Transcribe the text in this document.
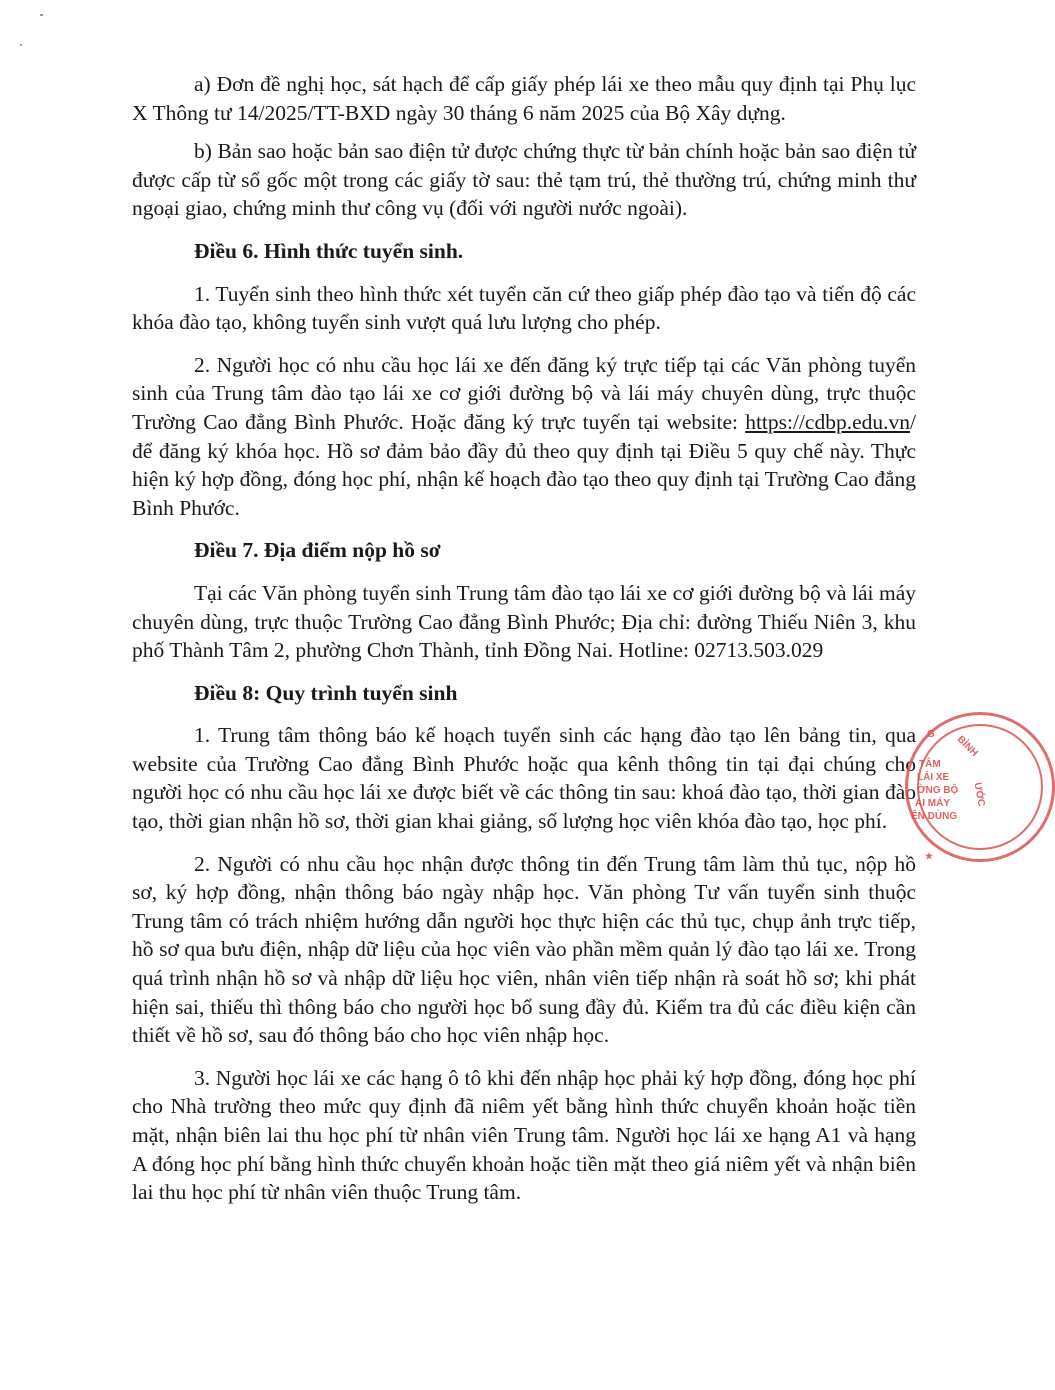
a) Đơn đề nghị học, sát hạch để cấp giấy phép lái xe theo mẫu quy định tại Phụ lục X Thông tư 14/2025/TT-BXD ngày 30 tháng 6 năm 2025 của Bộ Xây dựng.

b) Bản sao hoặc bản sao điện tử được chứng thực từ bản chính hoặc bản sao điện tử được cấp từ sổ gốc một trong các giấy tờ sau: thẻ tạm trú, thẻ thường trú, chứng minh thư ngoại giao, chứng minh thư công vụ (đối với người nước ngoài).

Điều 6. Hình thức tuyển sinh.

1. Tuyển sinh theo hình thức xét tuyển căn cứ theo giấp phép đào tạo và tiến độ các khóa đào tạo, không tuyển sinh vượt quá lưu lượng cho phép.

2. Người học có nhu cầu học lái xe đến đăng ký trực tiếp tại các Văn phòng tuyển sinh của Trung tâm đào tạo lái xe cơ giới đường bộ và lái máy chuyên dùng, trực thuộc Trường Cao đẳng Bình Phước. Hoặc đăng ký trực tuyến tại website: https://cdbp.edu.vn/ để đăng ký khóa học. Hồ sơ đảm bảo đầy đủ theo quy định tại Điều 5 quy chế này. Thực hiện ký hợp đồng, đóng học phí, nhận kế hoạch đào tạo theo quy định tại Trường Cao đẳng Bình Phước.

Điều 7. Địa điểm nộp hồ sơ

Tại các Văn phòng tuyển sinh Trung tâm đào tạo lái xe cơ giới đường bộ và lái máy chuyên dùng, trực thuộc Trường Cao đẳng Bình Phước; Địa chỉ: đường Thiếu Niên 3, khu phố Thành Tâm 2, phường Chơn Thành, tỉnh Đồng Nai. Hotline: 02713.503.029

Điều 8: Quy trình tuyển sinh

1. Trung tâm thông báo kế hoạch tuyển sinh các hạng đào tạo lên bảng tin, qua website của Trường Cao đẳng Bình Phước hoặc qua kênh thông tin tại đại chúng cho người học có nhu cầu học lái xe được biết về các thông tin sau: khoá đào tạo, thời gian đào tạo, thời gian nhận hồ sơ, thời gian khai giảng, số lượng học viên khóa đào tạo, học phí.

2. Người có nhu cầu học nhận được thông tin đến Trung tâm làm thủ tục, nộp hồ sơ, ký hợp đồng, nhận thông báo ngày nhập học. Văn phòng Tư vấn tuyển sinh thuộc Trung tâm có trách nhiệm hướng dẫn người học thực hiện các thủ tục, chụp ảnh trực tiếp, hồ sơ qua bưu điện, nhập dữ liệu của học viên vào phần mềm quản lý đào tạo lái xe. Trong quá trình nhận hồ sơ và nhập dữ liệu học viên, nhân viên tiếp nhận rà soát hồ sơ; khi phát hiện sai, thiếu thì thông báo cho người học bổ sung đầy đủ. Kiểm tra đủ các điều kiện cần thiết về hồ sơ, sau đó thông báo cho học viên nhập học.

3. Người học lái xe các hạng ô tô khi đến nhập học phải ký hợp đồng, đóng học phí cho Nhà trường theo mức quy định đã niêm yết bằng hình thức chuyển khoản hoặc tiền mặt, nhận biên lai thu học phí từ nhân viên Trung tâm. Người học lái xe hạng A1 và hạng A đóng học phí bằng hình thức chuyển khoản hoặc tiền mặt theo giá niêm yết và nhận biên lai thu học phí từ nhân viên thuộc Trung tâm.

G BÌNH
TÂM
LÁI XE
ỜNG BỘ
AI MÁY
ÊN DÙNG
ƯỚC
★
